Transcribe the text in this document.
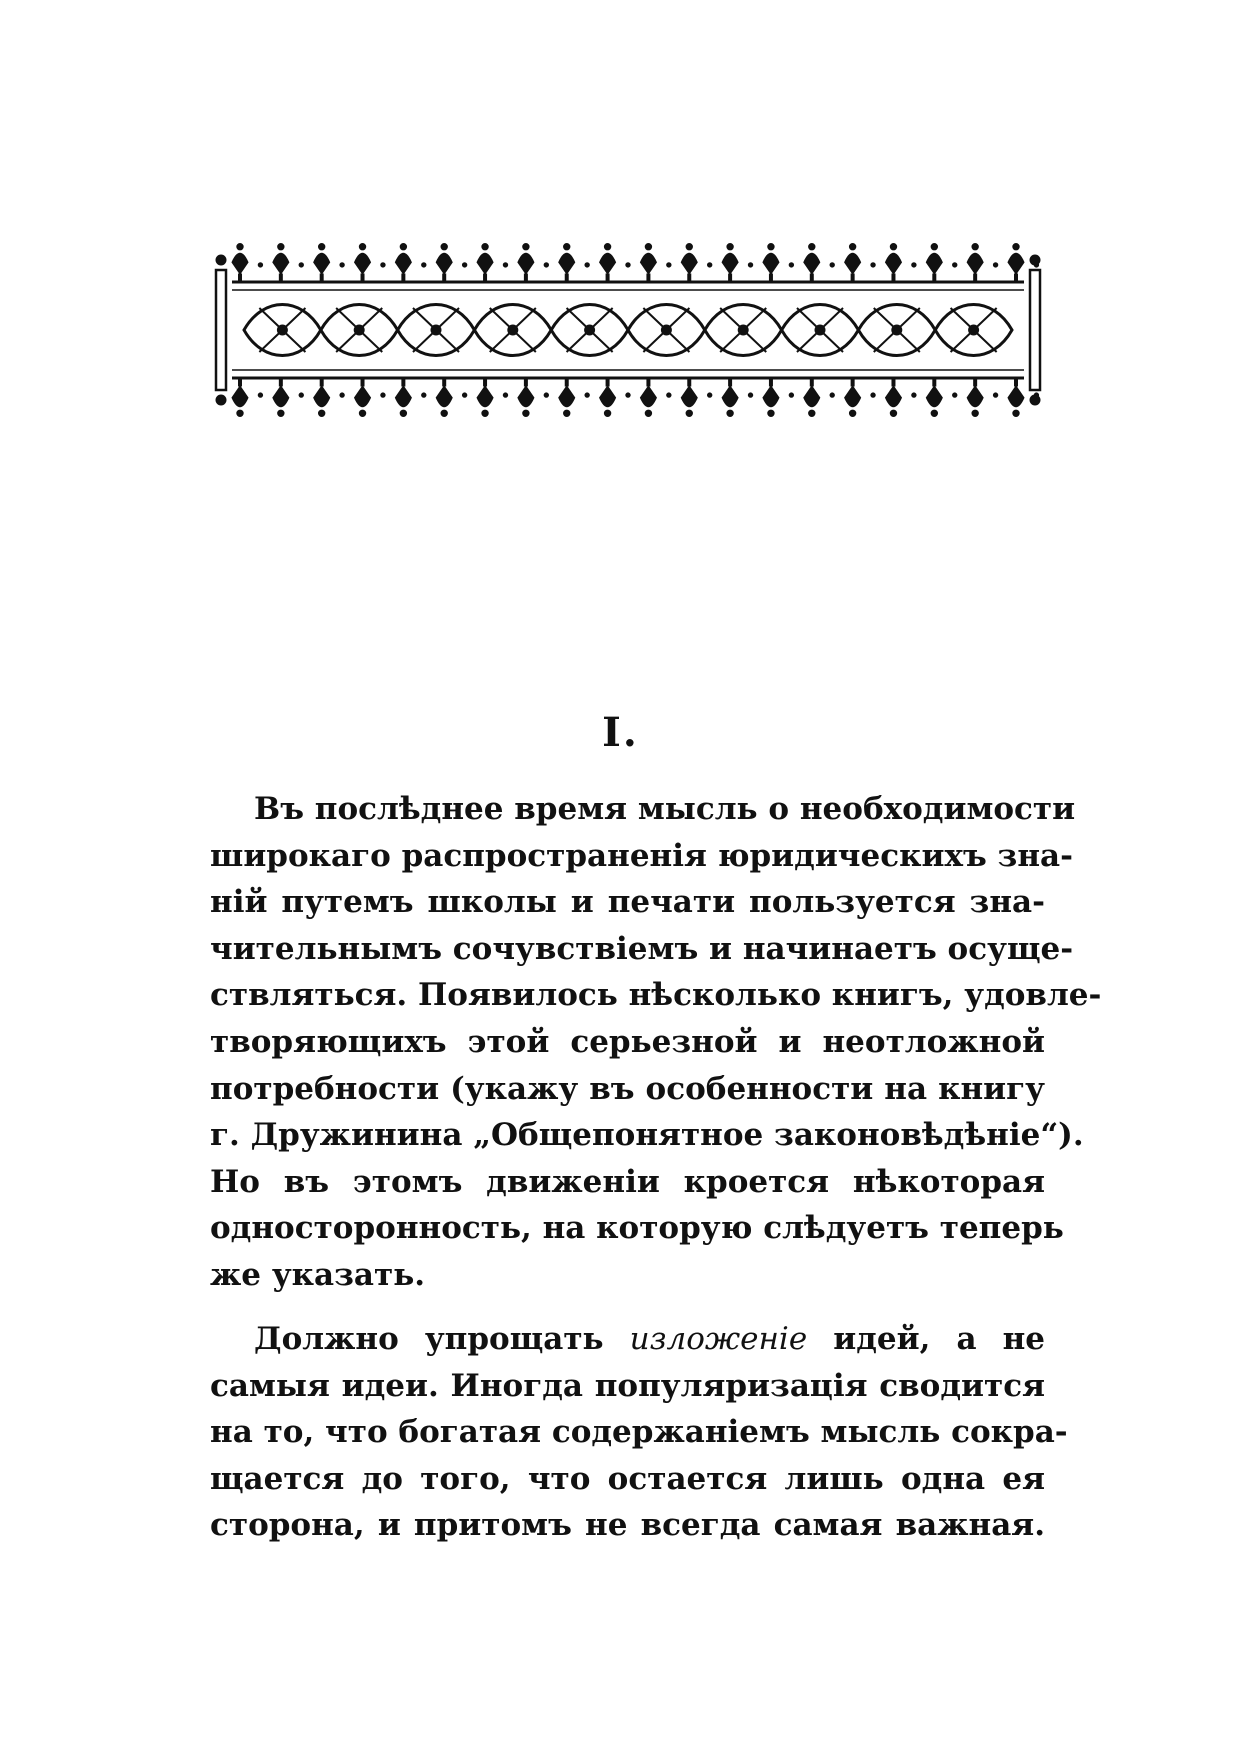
I.
Въ послѣднее время мысль о необходимости
широкаго распространенія юридическихъ зна-
ній путемъ школы и печати пользуется зна-
чительнымъ сочувствіемъ и начинаетъ осуще-
ствляться. Появилось нѣсколько книгъ, удовле-
творяющихъ этой серьезной и неотложной
потребности (укажу въ особенности на книгу
г. Дружинина „Общепонятное законовѣдѣніе“).
Но въ этомъ движеніи кроется нѣкоторая
односторонность, на которую слѣдуетъ теперь
же указать.
Должно упрощать изложеніе идей, а не
самыя идеи. Иногда популяризація сводится
на то, что богатая содержаніемъ мысль сокра-
щается до того, что остается лишь одна ея
сторона, и притомъ не всегда самая важная.
